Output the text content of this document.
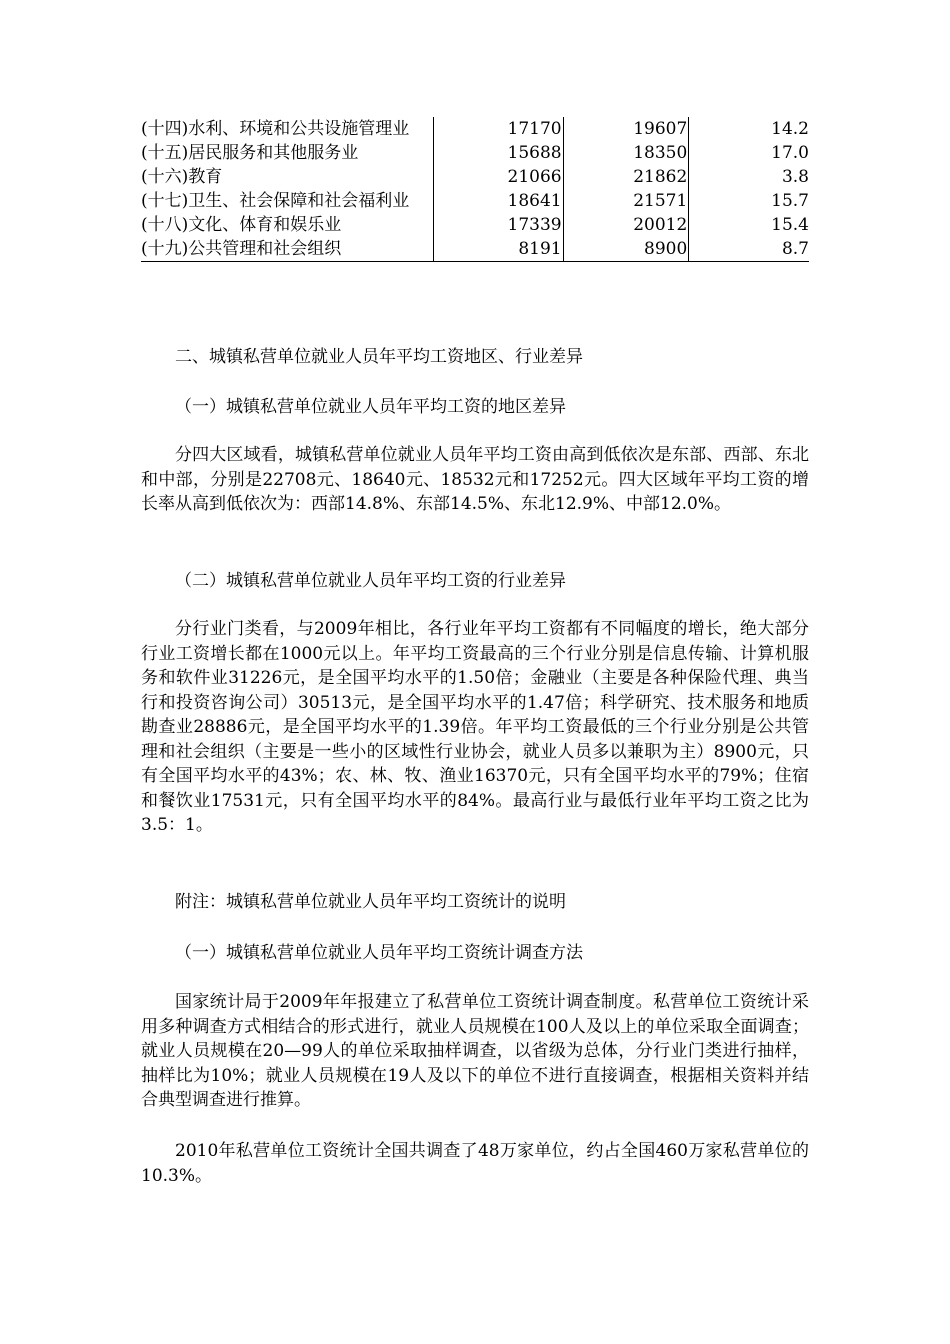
(十四)水利、环境和公共设施管理业	17170	19607	14.2
(十五)居民服务和其他服务业	15688	18350	17.0
(十六)教育	21066	21862	3.8
(十七)卫生、社会保障和社会福利业	18641	21571	15.7
(十八)文化、体育和娱乐业	17339	20012	15.4
(十九)公共管理和社会组织	8191	8900	8.7
二、城镇私营单位就业人员年平均工资地区、行业差异
（一）城镇私营单位就业人员年平均工资的地区差异
分四大区域看，城镇私营单位就业人员年平均工资由高到低依次是东部、西部、东北和中部，分别是22708元、18640元、18532元和17252元。四大区域年平均工资的增长率从高到低依次为：西部14.8%、东部14.5%、东北12.9%、中部12.0%。
（二）城镇私营单位就业人员年平均工资的行业差异
分行业门类看，与2009年相比，各行业年平均工资都有不同幅度的增长，绝大部分行业工资增长都在1000元以上。年平均工资最高的三个行业分别是信息传输、计算机服务和软件业31226元，是全国平均水平的1.50倍；金融业（主要是各种保险代理、典当行和投资咨询公司）30513元，是全国平均水平的1.47倍；科学研究、技术服务和地质勘查业28886元，是全国平均水平的1.39倍。年平均工资最低的三个行业分别是公共管理和社会组织（主要是一些小的区域性行业协会，就业人员多以兼职为主）8900元，只有全国平均水平的43%；农、林、牧、渔业16370元，只有全国平均水平的79%；住宿和餐饮业17531元，只有全国平均水平的84%。最高行业与最低行业年平均工资之比为3.5：1。
附注：城镇私营单位就业人员年平均工资统计的说明
（一）城镇私营单位就业人员年平均工资统计调查方法
国家统计局于2009年年报建立了私营单位工资统计调查制度。私营单位工资统计采用多种调查方式相结合的形式进行，就业人员规模在100人及以上的单位采取全面调查；就业人员规模在20—99人的单位采取抽样调查，以省级为总体，分行业门类进行抽样，抽样比为10%；就业人员规模在19人及以下的单位不进行直接调查，根据相关资料并结合典型调查进行推算。
2010年私营单位工资统计全国共调查了48万家单位，约占全国460万家私营单位的10.3%。
